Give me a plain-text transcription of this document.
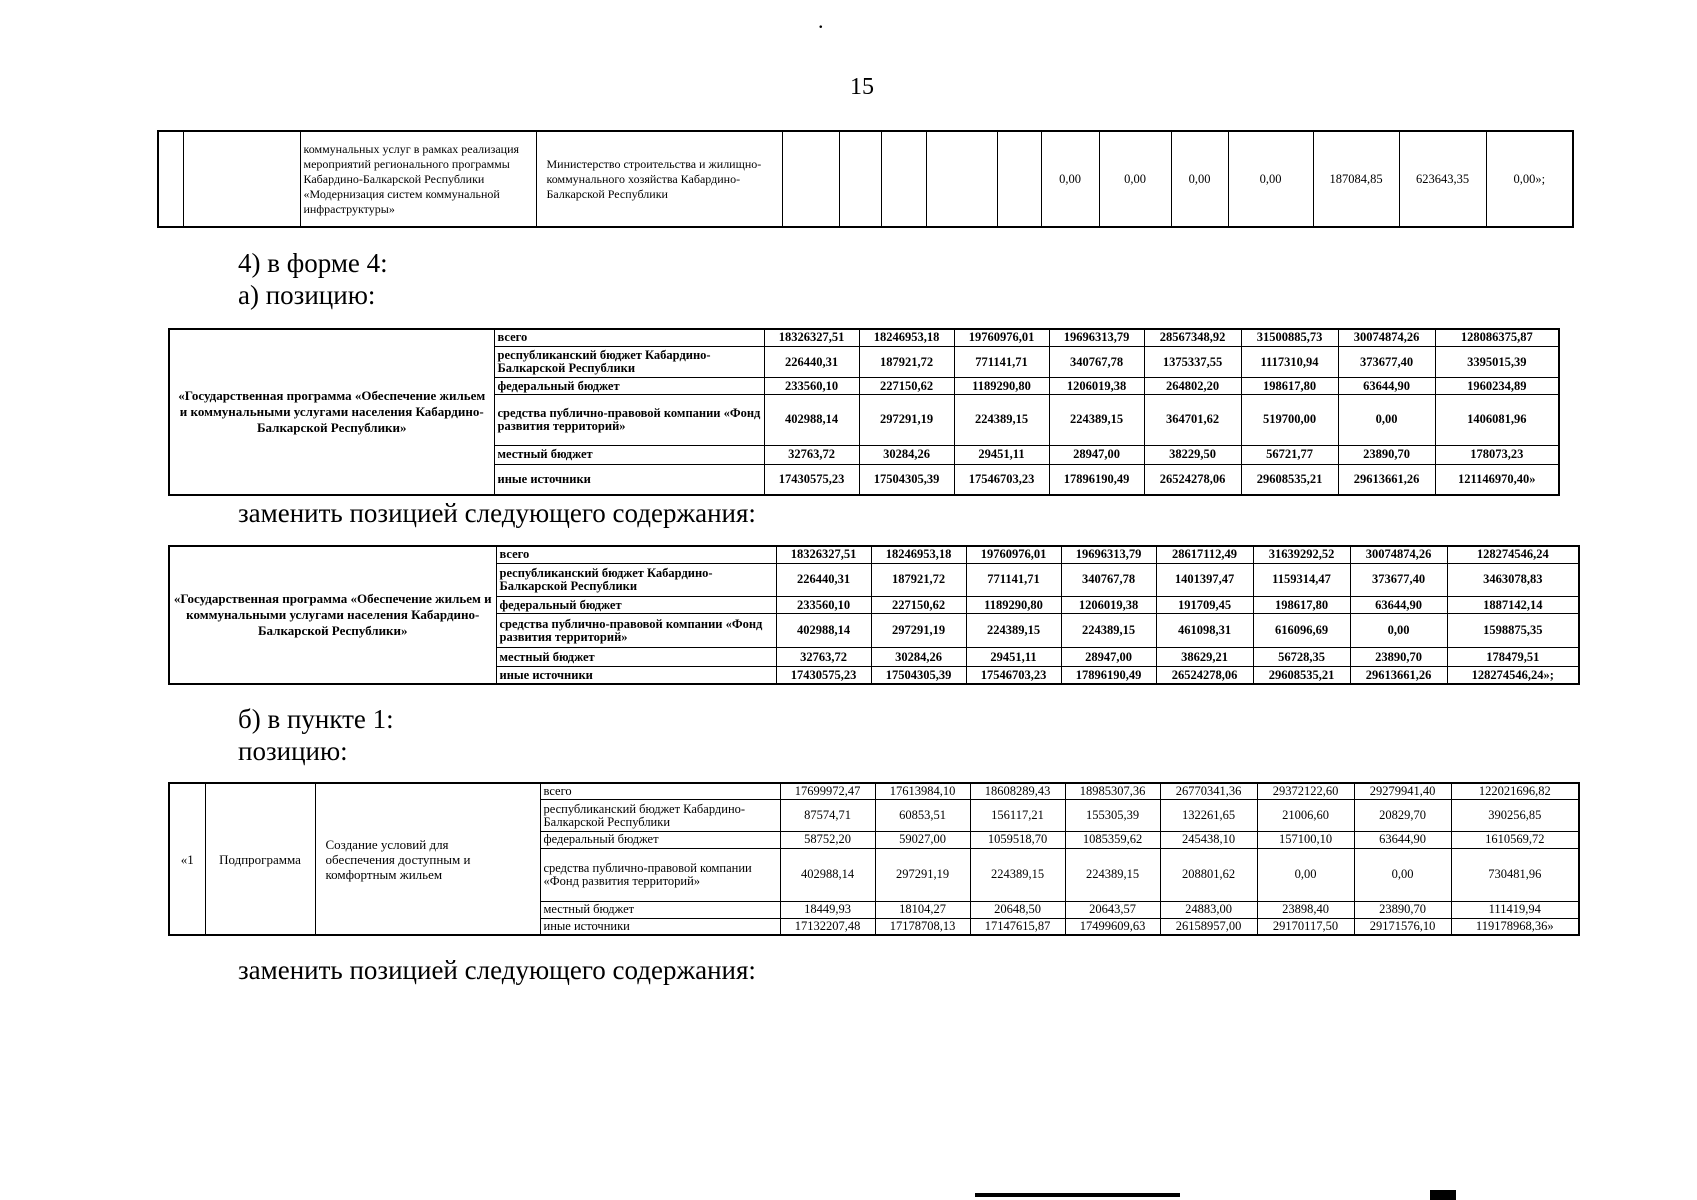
.
15
		коммунальных услуг в рамках реализация мероприятий регионального программы Кабардино-Балкарской Республики «Модернизация систем коммунальной инфраструктуры»	Министерство строительства и жилищно-коммунального хозяйства Кабардино-Балкарской Республики						0,00	0,00	0,00	0,00	187084,85	623643,35	0,00»;
4) в форме 4:
а) позицию:
«Государственная программа «Обеспечение жильем и коммунальными услугами населения Кабардино-Балкарской Республики»	всего	18326327,51	18246953,18	19760976,01	19696313,79	28567348,92	31500885,73	30074874,26	128086375,87
	республиканский бюджет Кабардино-Балкарской Республики	226440,31	187921,72	771141,71	340767,78	1375337,55	1117310,94	373677,40	3395015,39
	федеральный бюджет	233560,10	227150,62	1189290,80	1206019,38	264802,20	198617,80	63644,90	1960234,89
	средства публично-правовой компании «Фонд развития территорий»	402988,14	297291,19	224389,15	224389,15	364701,62	519700,00	0,00	1406081,96
	местный бюджет	32763,72	30284,26	29451,11	28947,00	38229,50	56721,77	23890,70	178073,23
	иные источники	17430575,23	17504305,39	17546703,23	17896190,49	26524278,06	29608535,21	29613661,26	121146970,40»
заменить позицией следующего содержания:
«Государственная программа «Обеспечение жильем и коммунальными услугами населения Кабардино-Балкарской Республики»	всего	18326327,51	18246953,18	19760976,01	19696313,79	28617112,49	31639292,52	30074874,26	128274546,24
	республиканский бюджет Кабардино-Балкарской Республики	226440,31	187921,72	771141,71	340767,78	1401397,47	1159314,47	373677,40	3463078,83
	федеральный бюджет	233560,10	227150,62	1189290,80	1206019,38	191709,45	198617,80	63644,90	1887142,14
	средства публично-правовой компании «Фонд развития территорий»	402988,14	297291,19	224389,15	224389,15	461098,31	616096,69	0,00	1598875,35
	местный бюджет	32763,72	30284,26	29451,11	28947,00	38629,21	56728,35	23890,70	178479,51
	иные источники	17430575,23	17504305,39	17546703,23	17896190,49	26524278,06	29608535,21	29613661,26	128274546,24»;
б) в пункте 1:
позицию:
«1	Подпрограмма	Создание условий для обеспечения доступным и комфортным жильем	всего	17699972,47	17613984,10	18608289,43	18985307,36	26770341,36	29372122,60	29279941,40	122021696,82
			республиканский бюджет Кабардино- Балкарской Республики	87574,71	60853,51	156117,21	155305,39	132261,65	21006,60	20829,70	390256,85
			федеральный бюджет	58752,20	59027,00	1059518,70	1085359,62	245438,10	157100,10	63644,90	1610569,72
			средства публично-правовой компании «Фонд развития территорий»	402988,14	297291,19	224389,15	224389,15	208801,62	0,00	0,00	730481,96
			местный бюджет	18449,93	18104,27	20648,50	20643,57	24883,00	23898,40	23890,70	111419,94
			иные источники	17132207,48	17178708,13	17147615,87	17499609,63	26158957,00	29170117,50	29171576,10	119178968,36»
заменить позицией следующего содержания:
